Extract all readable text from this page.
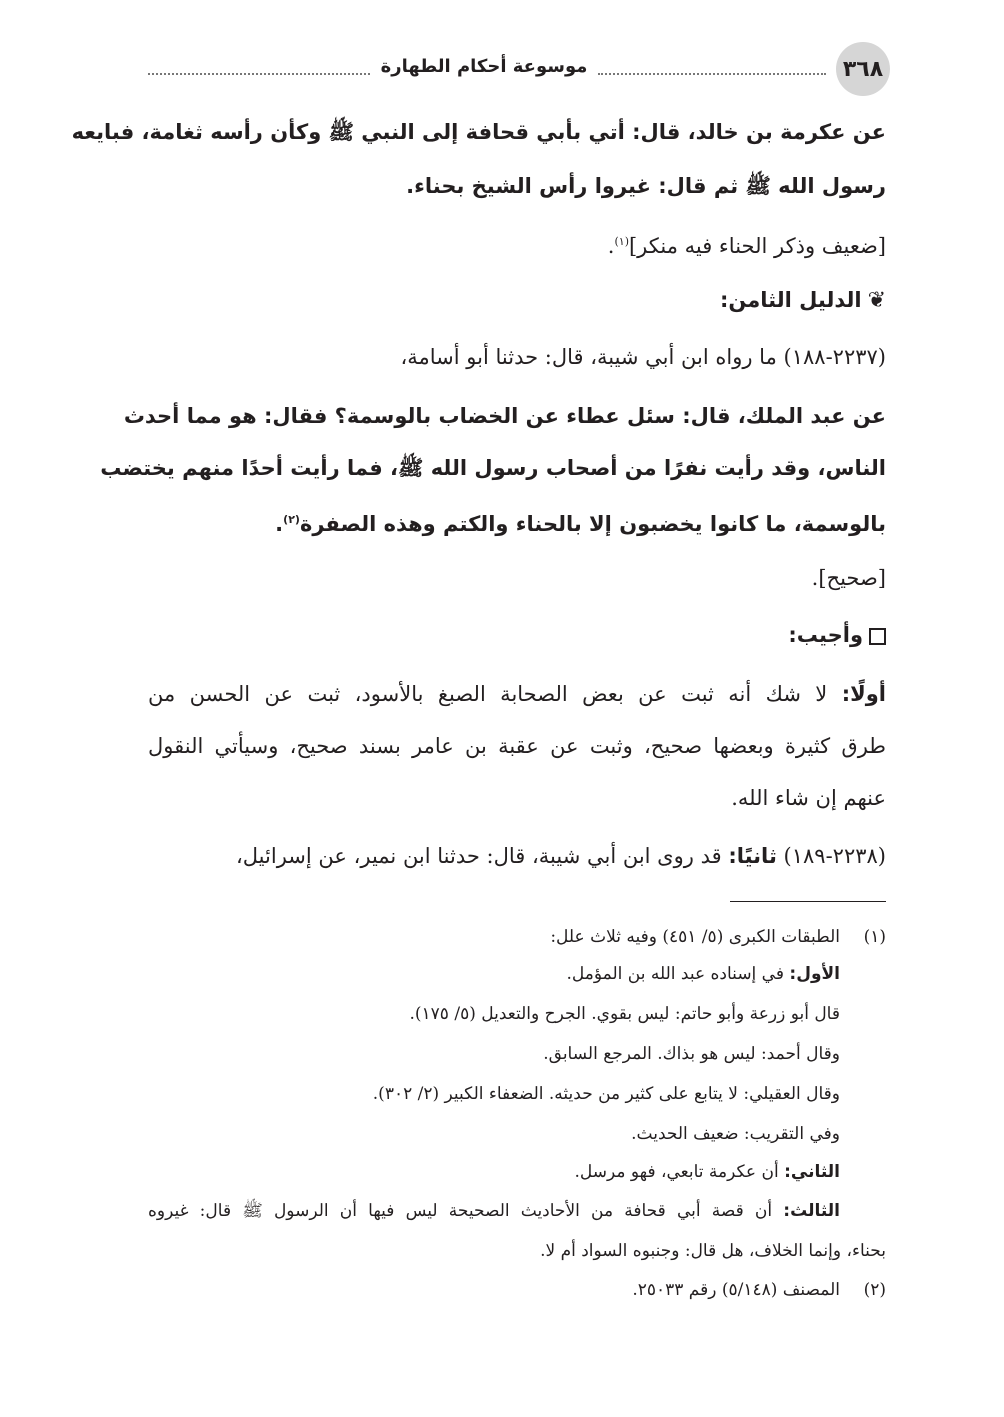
٣٦٨
موسوعة أحكام الطهارة
عن عكرمة بن خالد، قال: أتي بأبي قحافة إلى النبي ﷺ وكأن رأسه ثغامة، فبايعه
رسول الله ﷺ ثم قال: غيروا رأس الشيخ بحناء.
[ضعيف وذكر الحناء فيه منكر]$^{(١)}$.
❦الدليل الثامن:
(٢٢٣٧-١٨٨) ما رواه ابن أبي شيبة، قال: حدثنا أبو أسامة،
عن عبد الملك، قال: سئل عطاء عن الخضاب بالوسمة؟ فقال: هو مما أحدث
الناس، وقد رأيت نفرًا من أصحاب رسول الله ﷺ، فما رأيت أحدًا منهم يختضب
بالوسمة، ما كانوا يخضبون إلا بالحناء والكتم وهذه الصفرة$^{(٢)}$.
[صحيح].
وأجيب:
أولًا: لا شك أنه ثبت عن بعض الصحابة الصبغ بالأسود، ثبت عن الحسن من
طرق كثيرة وبعضها صحيح، وثبت عن عقبة بن عامر بسند صحيح، وسيأتي النقول
عنهم إن شاء الله.
(٢٢٣٨-١٨٩) ثانيًا: قد روى ابن أبي شيبة، قال: حدثنا ابن نمير، عن إسرائيل،
(١)الطبقات الكبرى (٥/ ٤٥١) وفيه ثلاث علل:
الأول: في إسناده عبد الله بن المؤمل.
قال أبو زرعة وأبو حاتم: ليس بقوي. الجرح والتعديل (٥/ ١٧٥).
وقال أحمد: ليس هو بذاك. المرجع السابق.
وقال العقيلي: لا يتابع على كثير من حديثه. الضعفاء الكبير (٢/ ٣٠٢).
وفي التقريب: ضعيف الحديث.
الثاني: أن عكرمة تابعي، فهو مرسل.
الثالث: أن قصة أبي قحافة من الأحاديث الصحيحة ليس فيها أن الرسول ﷺ قال: غيروه
بحناء، وإنما الخلاف، هل قال: وجنبوه السواد أم لا.
(٢)المصنف (٥/١٤٨) رقم ٢٥٠٣٣.
